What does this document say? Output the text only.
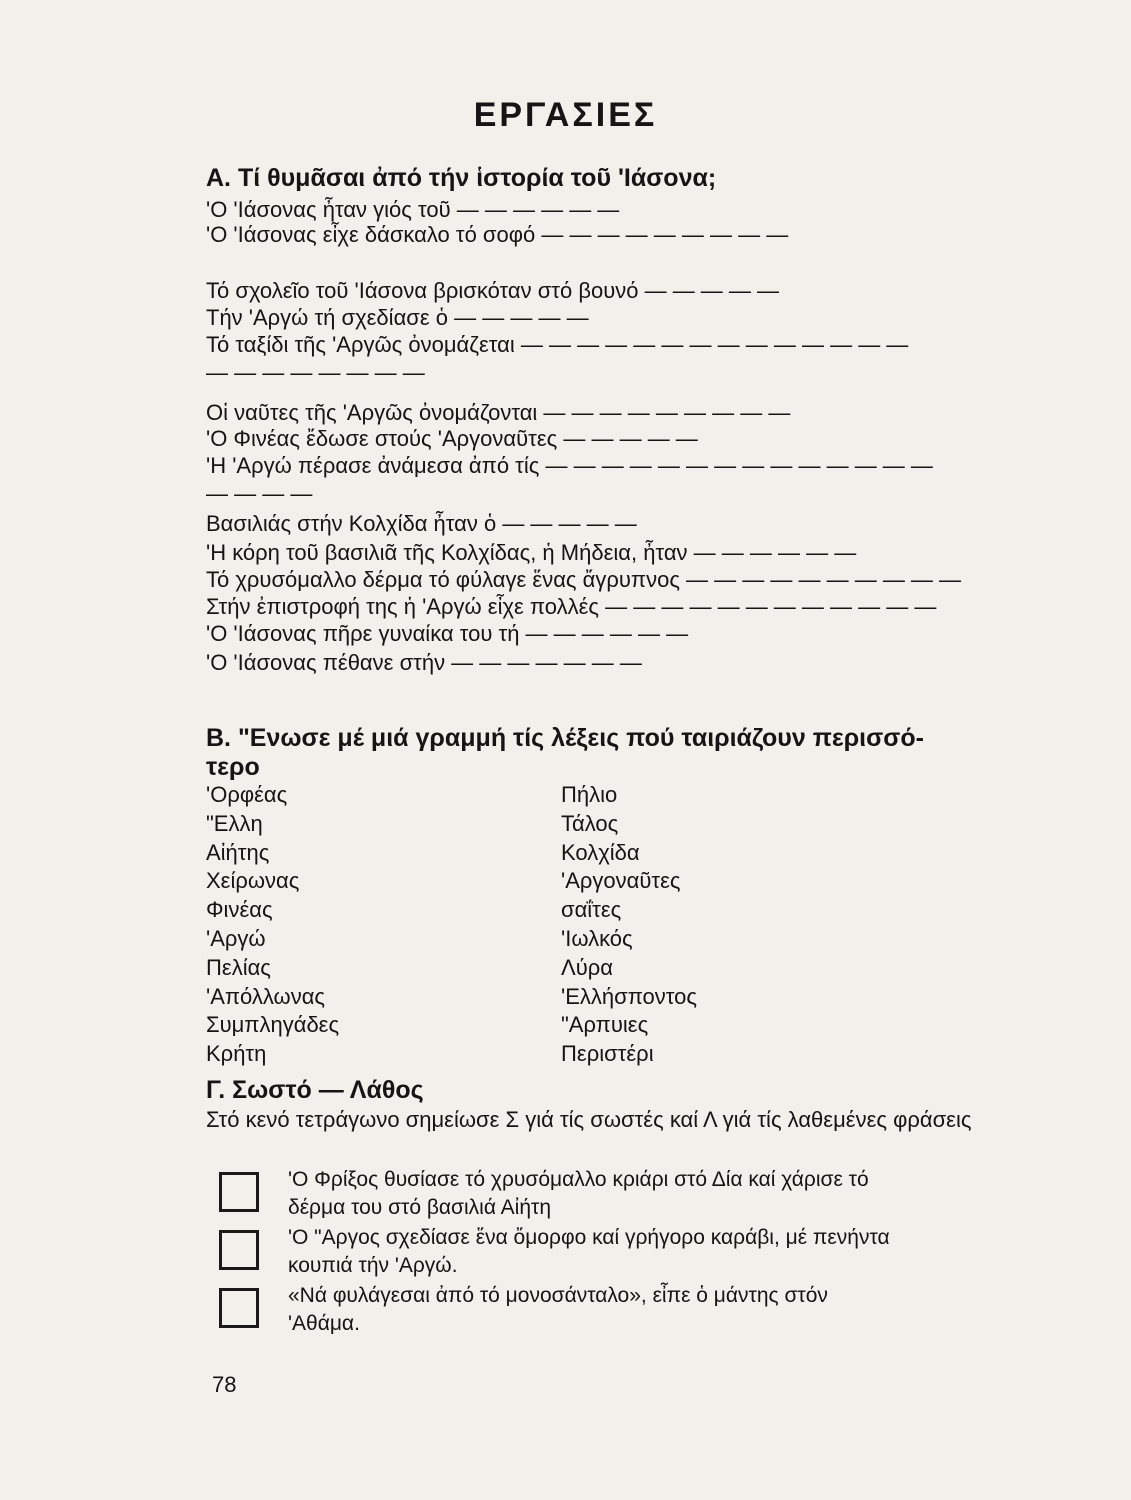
ΕΡΓΑΣΙΕΣ
Α. Τί θυμᾶσαι ἀπό τήν ἱστορία τοῦ 'Ιάσονα;
'Ο 'Ιάσονας ἦταν γιός τοῦ — — — — — —
'Ο 'Ιάσονας εἶχε δάσκαλο τό σοφό — — — — — — — — —
Τό σχολεῖο τοῦ 'Ιάσονα βρισκόταν στό βουνό — — — — —
Τήν 'Αργώ τή σχεδίασε ὁ — — — — —
Τό ταξίδι τῆς 'Αργῶς ὀνομάζεται — — — — — — — — — — — — — —
— — — — — — — —
Οἱ ναῦτες τῆς 'Αργῶς ὀνομάζονται — — — — — — — — —
'Ο Φινέας ἔδωσε στούς 'Αργοναῦτες — — — — —
'Η 'Αργώ πέρασε ἀνάμεσα ἀπό τίς — — — — — — — — — — — — — —
— — — —
Βασιλιάς στήν Κολχίδα ἦταν ὁ — — — — —
'Η κόρη τοῦ βασιλιᾶ τῆς Κολχίδας, ἡ Μήδεια, ἦταν — — — — — —
Τό χρυσόμαλλο δέρμα τό φύλαγε ἕνας ἄγρυπνος — — — — — — — — — —
Στήν ἐπιστροφή της ἡ 'Αργώ εἶχε πολλές — — — — — — — — — — — —
'Ο 'Ιάσονας πῆρε γυναίκα του τή — — — — — —
'Ο 'Ιάσονας πέθανε στήν — — — — — — —
Β. "Ενωσε μέ μιά γραμμή τίς λέξεις πού ταιριάζουν περισσό-
τερο
'Ορφέας
"Ελλη
Αἰήτης
Χείρωνας
Φινέας
'Αργώ
Πελίας
'Απόλλωνας
Συμπληγάδες
Κρήτη
Πήλιο
Τάλος
Κολχίδα
'Αργοναῦτες
σαΐτες
'Ιωλκός
Λύρα
'Ελλήσποντος
"Αρπυιες
Περιστέρι
Γ. Σωστό — Λάθος
Στό κενό τετράγωνο σημείωσε Σ γιά τίς σωστές καί Λ γιά τίς λαθεμένες φράσεις
'Ο Φρίξος θυσίασε τό χρυσόμαλλο κριάρι στό Δία καί χάρισε τό
δέρμα του στό βασιλιά Αἰήτη
'Ο "Αργος σχεδίασε ἕνα ὄμορφο καί γρήγορο καράβι, μέ πενήντα
κουπιά τήν 'Αργώ.
«Νά φυλάγεσαι ἀπό τό μονοσάνταλο», εἶπε ὁ μάντης στόν
'Αθάμα.
78
